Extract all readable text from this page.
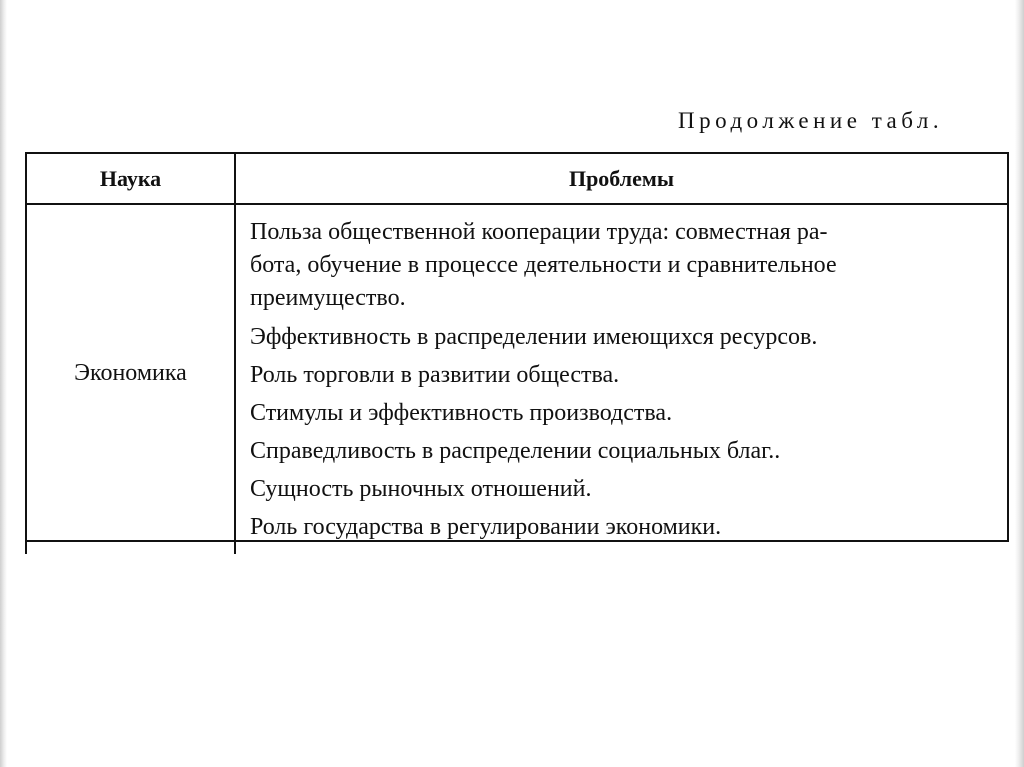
Продолжение табл.
Наука	Проблемы
Экономика
Польза общественной кооперации труда: совместная ра-
бота, обучение в процессе деятельности и сравнительное
преимущество.
Эффективность в распределении имеющихся ресурсов.
Роль торговли в развитии общества.
Стимулы и эффективность производства.
Справедливость в распределении социальных благ..
Сущность рыночных отношений.
Роль государства в регулировании экономики.
